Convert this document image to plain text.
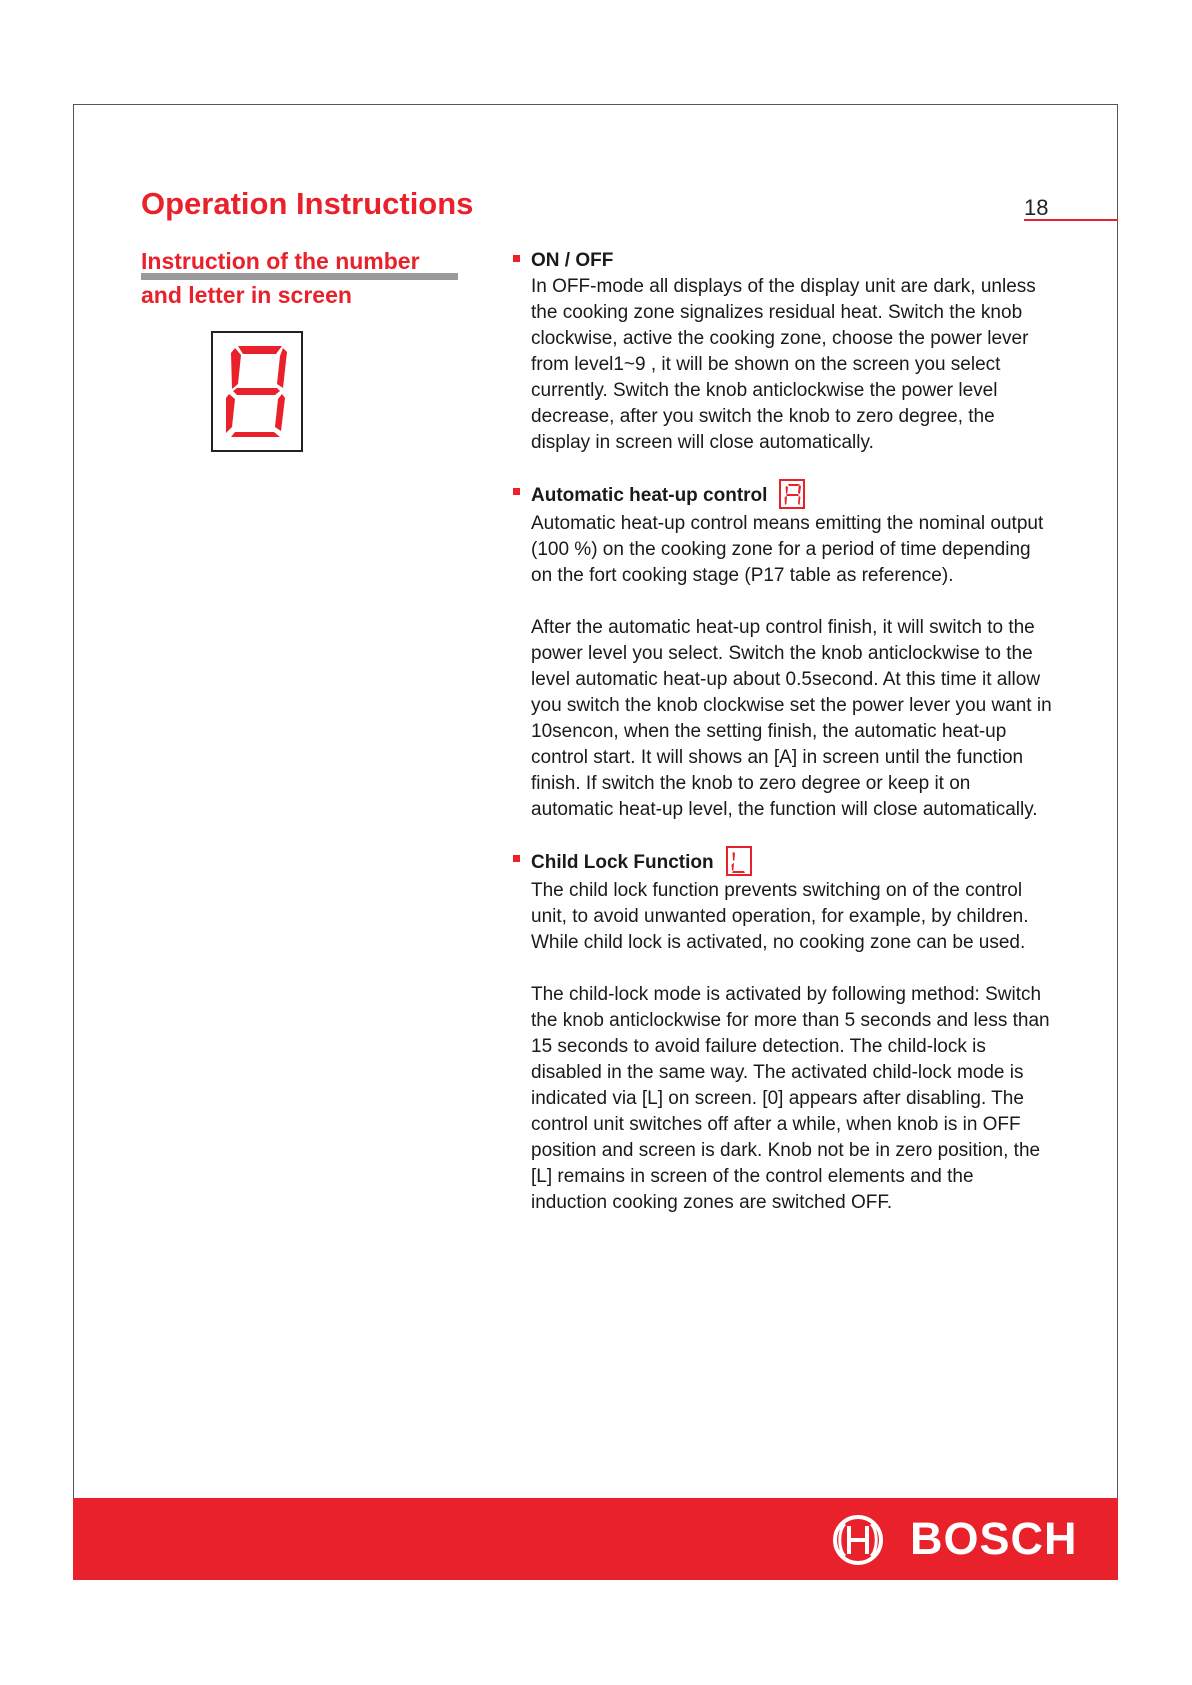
Operation Instructions	18
Instruction of the number
and letter in screen
ON / OFF

In OFF-mode all displays of the display unit are dark, unless the cooking zone signalizes residual heat. Switch the knob clockwise, active the cooking zone, choose the power lever from level1~9 , it will be shown on the screen you select currently. Switch the knob anticlockwise the power level decrease, after you switch the knob to zero degree, the display in screen will close automatically.

Automatic heat-up control

Automatic heat-up control means emitting the nominal output (100 %) on the cooking zone for a period of time depending on the fort cooking stage (P17 table as reference).

After the automatic heat-up control finish, it will switch to the power level you select. Switch the knob anticlockwise to the level automatic heat-up about 0.5second. At this time it allow you switch the knob clockwise set the power lever you want in 10sencon, when the setting finish, the automatic heat-up control start. It will shows an [A] in screen until the function finish. If switch the knob to zero degree or keep it on automatic heat-up level, the function will close automatically.

Child Lock Function

The child lock function prevents switching on of the control unit, to avoid unwanted operation, for example, by children. While child lock is activated, no cooking zone can be used.

The child-lock mode is activated by following method: Switch the knob anticlockwise for more than 5 seconds and less than 15 seconds to avoid failure detection. The child-lock is disabled in the same way. The activated child-lock mode is indicated via [L] on screen. [0] appears after disabling. The control unit switches off after a while, when knob is in OFF position and screen is dark. Knob not be in zero position, the [L] remains in screen of the control elements and the induction cooking zones are switched OFF.

BOSCH
